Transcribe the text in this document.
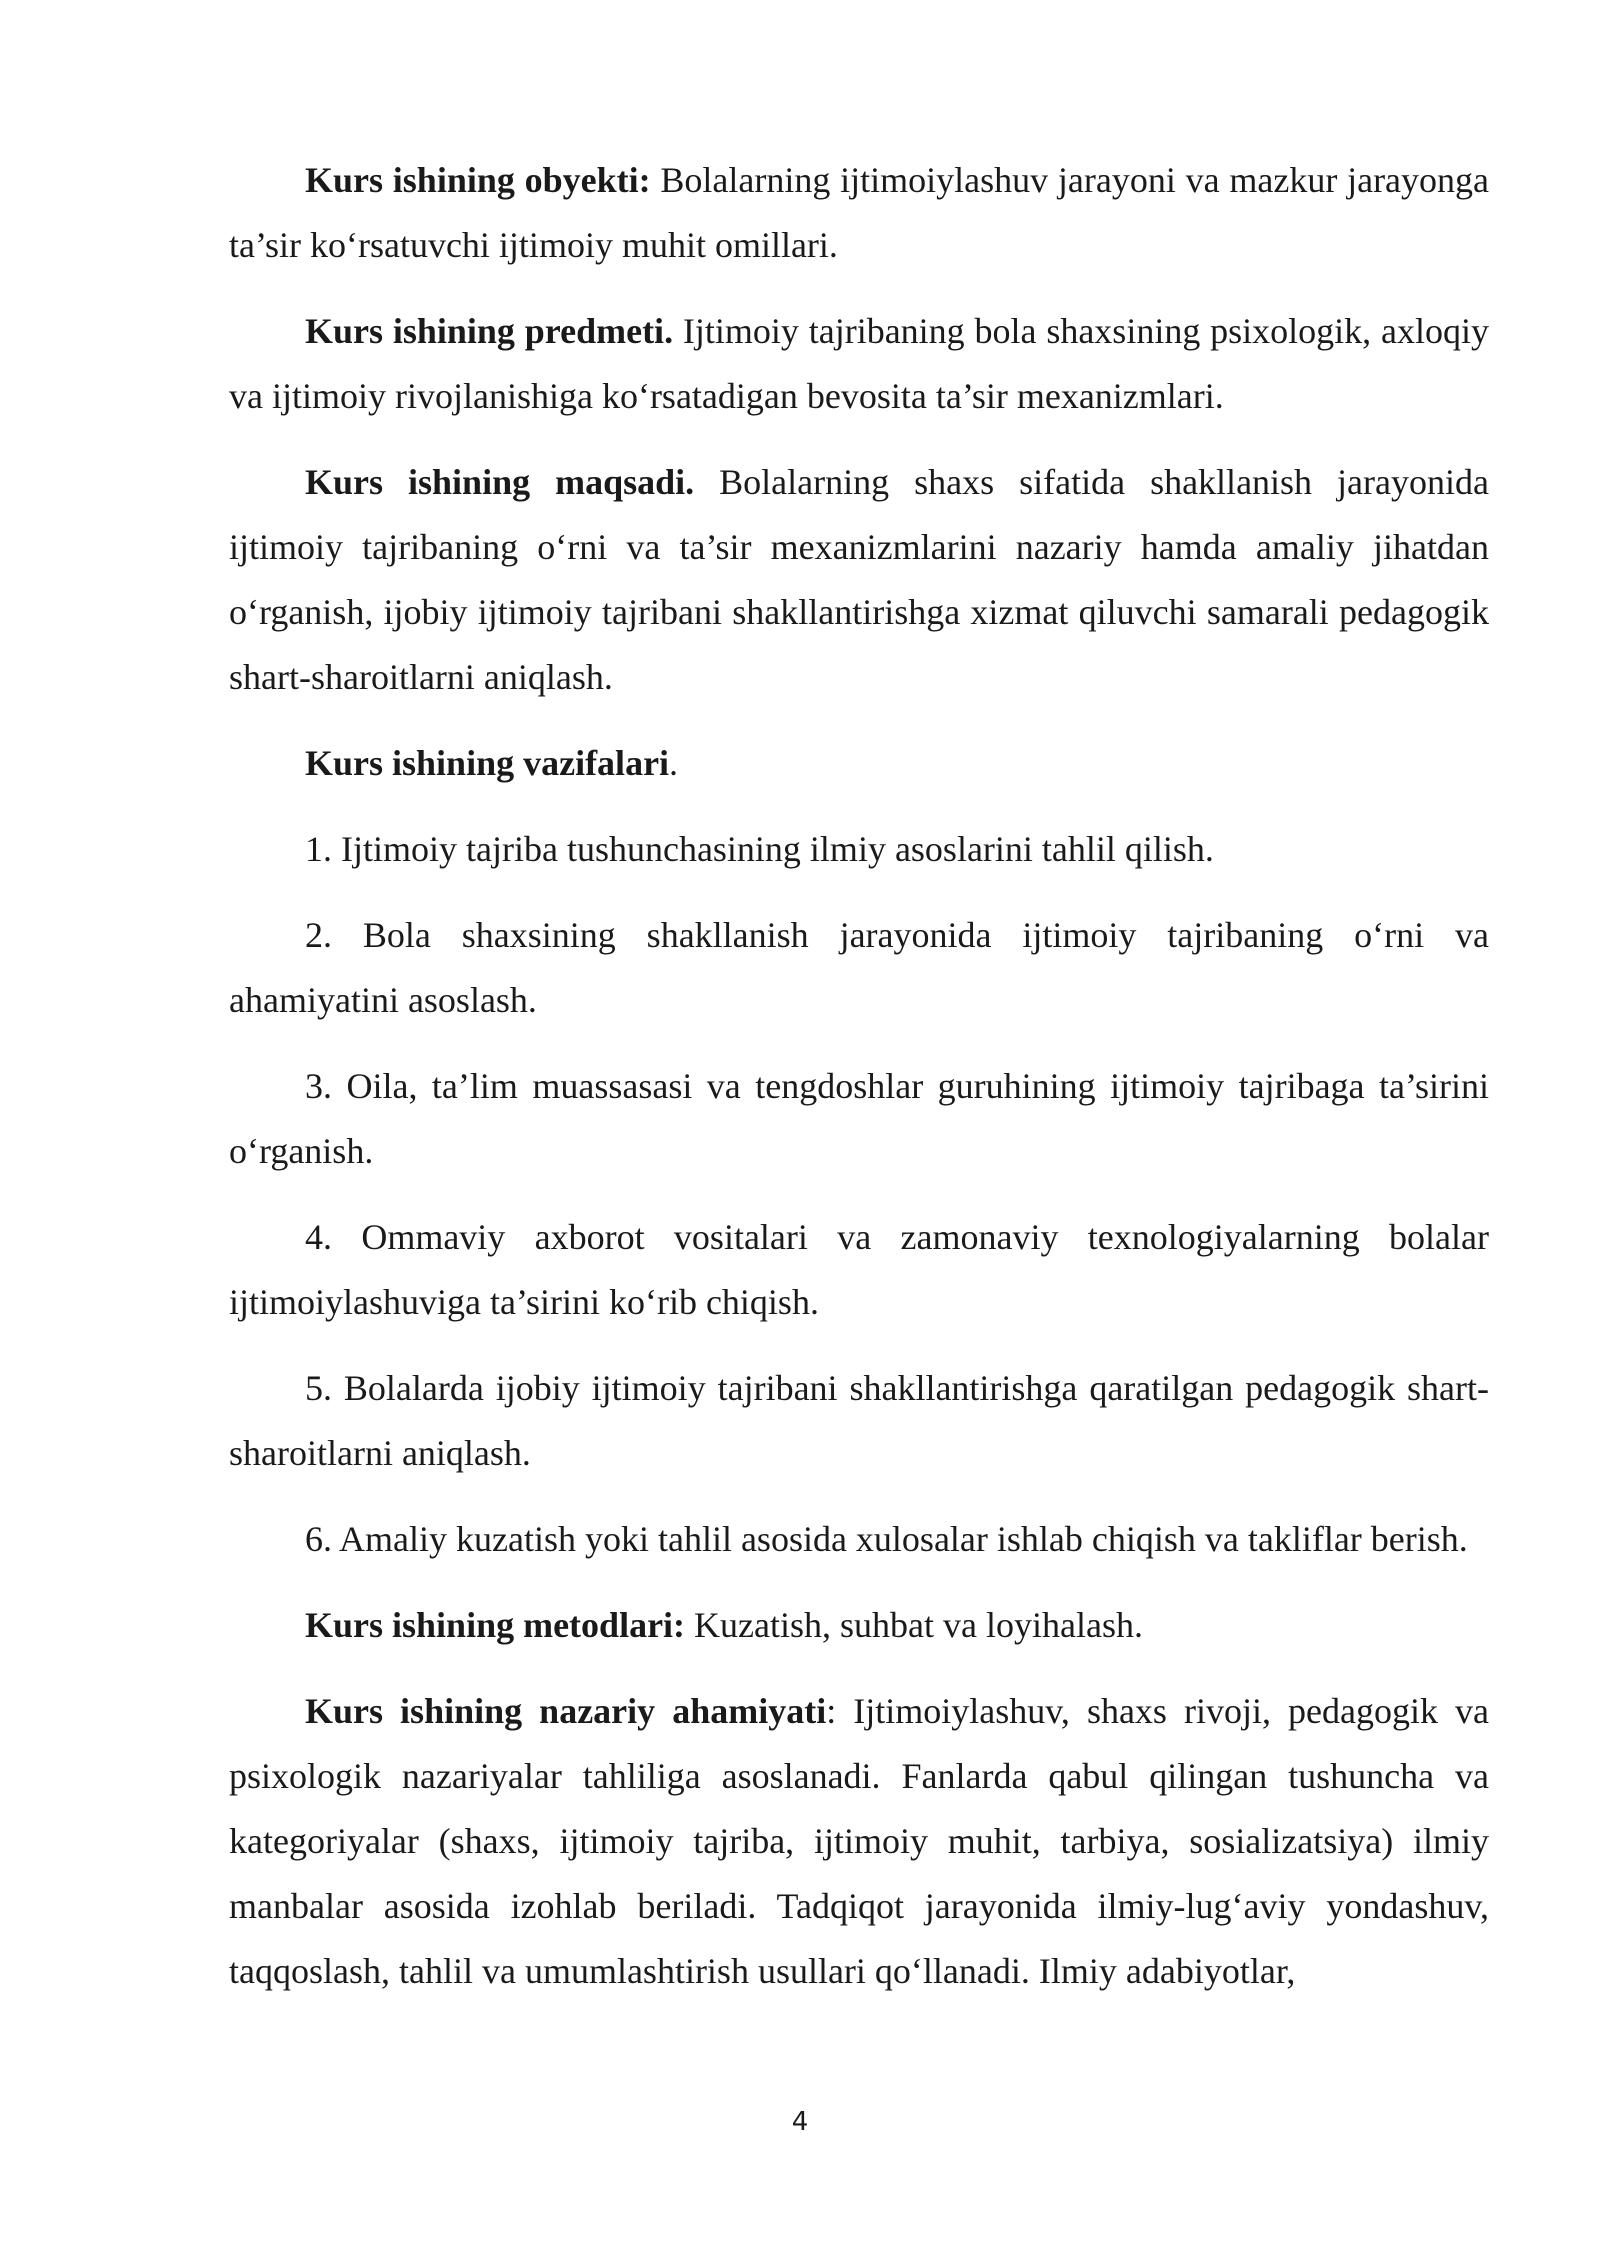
Kurs ishining obyekti: Bolalarning ijtimoiylashuv jarayoni va mazkur jarayonga ta’sir ko‘rsatuvchi ijtimoiy muhit omillari.

Kurs ishining predmeti. Ijtimoiy tajribaning bola shaxsining psixologik, axloqiy va ijtimoiy rivojlanishiga ko‘rsatadigan bevosita ta’sir mexanizmlari.

Kurs ishining maqsadi. Bolalarning shaxs sifatida shakllanish jarayonida ijtimoiy tajribaning o‘rni va ta’sir mexanizmlarini nazariy hamda amaliy jihatdan o‘rganish, ijobiy ijtimoiy tajribani shakllantirishga xizmat qiluvchi samarali pedagogik shart-sharoitlarni aniqlash.

Kurs ishining vazifalari.

1. Ijtimoiy tajriba tushunchasining ilmiy asoslarini tahlil qilish.

2. Bola shaxsining shakllanish jarayonida ijtimoiy tajribaning o‘rni va ahamiyatini asoslash.

3. Oila, ta’lim muassasasi va tengdoshlar guruhining ijtimoiy tajribaga ta’sirini o‘rganish.

4. Ommaviy axborot vositalari va zamonaviy texnologiyalarning bolalar ijtimoiylashuviga ta’sirini ko‘rib chiqish.

5. Bolalarda ijobiy ijtimoiy tajribani shakllantirishga qaratilgan pedagogik shart-sharoitlarni aniqlash.

6. Amaliy kuzatish yoki tahlil asosida xulosalar ishlab chiqish va takliflar berish.

Kurs ishining metodlari: Kuzatish, suhbat va loyihalash.

Kurs ishining nazariy ahamiyati: Ijtimoiylashuv, shaxs rivoji, pedagogik va psixologik nazariyalar tahliliga asoslanadi. Fanlarda qabul qilingan tushuncha va kategoriyalar (shaxs, ijtimoiy tajriba, ijtimoiy muhit, tarbiya, sosializatsiya) ilmiy manbalar asosida izohlab beriladi. Tadqiqot jarayonida ilmiy-lug‘aviy yondashuv, taqqoslash, tahlil va umumlashtirish usullari qo‘llanadi. Ilmiy adabiyotlar,

4
